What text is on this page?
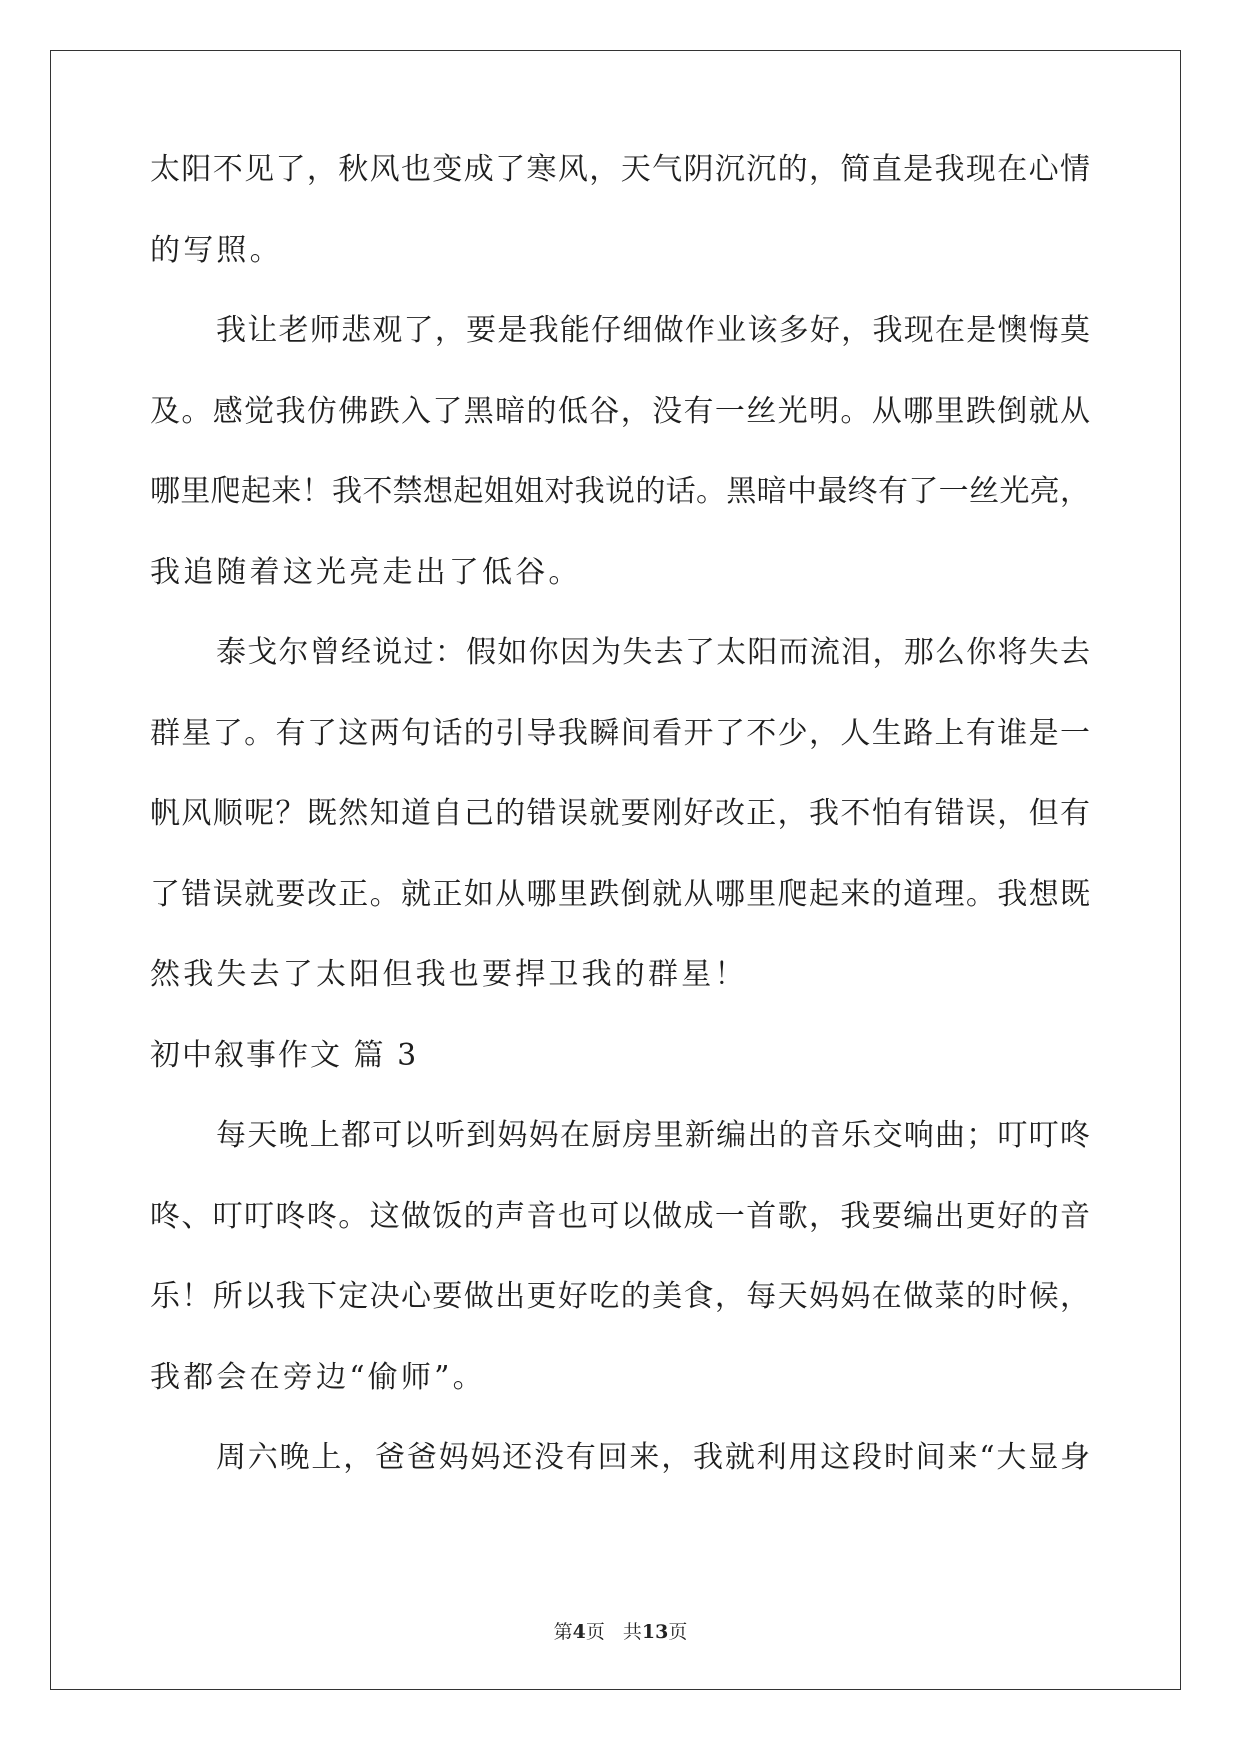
太阳不见了，秋风也变成了寒风，天气阴沉沉的，简直是我现在心情
的写照。
我让老师悲观了，要是我能仔细做作业该多好，我现在是懊悔莫
及。感觉我仿佛跌入了黑暗的低谷，没有一丝光明。从哪里跌倒就从
哪里爬起来！我不禁想起姐姐对我说的话。黑暗中最终有了一丝光亮，
我追随着这光亮走出了低谷。
泰戈尔曾经说过：假如你因为失去了太阳而流泪，那么你将失去
群星了。有了这两句话的引导我瞬间看开了不少，人生路上有谁是一
帆风顺呢？既然知道自己的错误就要刚好改正，我不怕有错误，但有
了错误就要改正。就正如从哪里跌倒就从哪里爬起来的道理。我想既
然我失去了太阳但我也要捍卫我的群星！
初中叙事作文 篇 3
每天晚上都可以听到妈妈在厨房里新编出的音乐交响曲；叮叮咚
咚、叮叮咚咚。这做饭的声音也可以做成一首歌，我要编出更好的音
乐！所以我下定决心要做出更好吃的美食，每天妈妈在做菜的时候，
我都会在旁边“偷师”。
周六晚上，爸爸妈妈还没有回来，我就利用这段时间来“大显身
第4页 共13页
